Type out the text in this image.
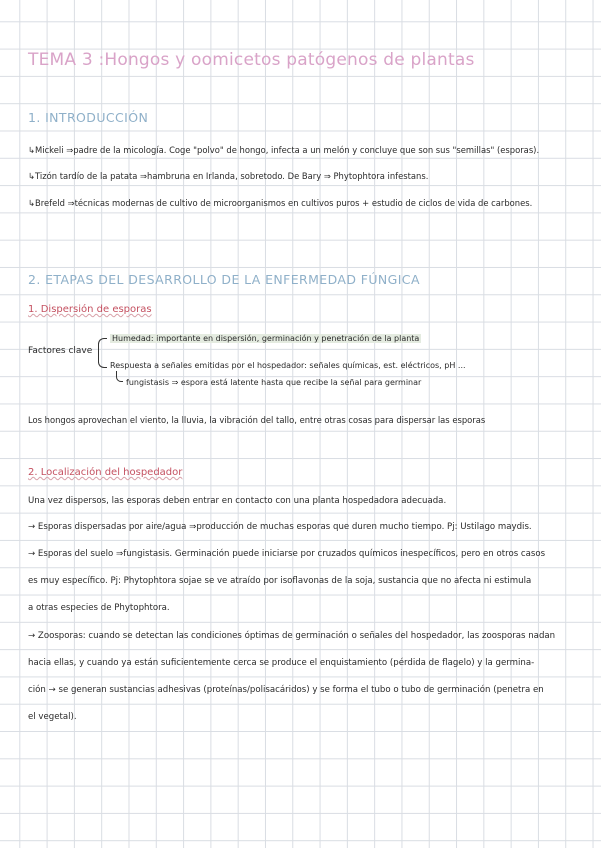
TEMA 3 :Hongos y oomicetos patógenos de plantas
1. INTRODUCCIÓN
↳Mickeli ⇒padre de la micología. Coge "polvo" de hongo, infecta a un melón y concluye que son sus "semillas" (esporas).
↳Tizón tardío de la patata ⇒hambruna en Irlanda, sobretodo. De Bary ⇒ Phytophtora infestans.
↳Brefeld ⇒técnicas modernas de cultivo de microorganismos en cultivos puros + estudio de ciclos de vida de carbones.
2. ETAPAS DEL DESARROLLO DE LA ENFERMEDAD FÚNGICA
1. Dispersión de esporas
Factores clave
Humedad: importante en dispersión, germinación y penetración de la planta
Respuesta a señales emitidas por el hospedador: señales químicas, est. eléctricos, pH ...
fungistasis ⇒ espora está latente hasta que recibe la señal para germinar
Los hongos aprovechan el viento, la lluvia, la vibración del tallo, entre otras cosas para dispersar las esporas
2. Localización del hospedador
Una vez dispersos, las esporas deben entrar en contacto con una planta hospedadora adecuada.
→ Esporas dispersadas por aire/agua ⇒producción de muchas esporas que duren mucho tiempo. Pj: Ustilago maydis.
→ Esporas del suelo ⇒fungistasis. Germinación puede iniciarse por cruzados químicos inespecíficos, pero en otros casos
es muy específico. Pj: Phytophtora sojae se ve atraído por isoflavonas de la soja, sustancia que no afecta ni estimula
a otras especies de Phytophtora.
→ Zoosporas: cuando se detectan las condiciones óptimas de germinación o señales del hospedador, las zoosporas nadan
hacia ellas, y cuando ya están suficientemente cerca se produce el enquistamiento (pérdida de flagelo) y la germina-
ción → se generan sustancias adhesivas (proteínas/polisacáridos) y se forma el tubo o tubo de germinación (penetra en
el vegetal).
